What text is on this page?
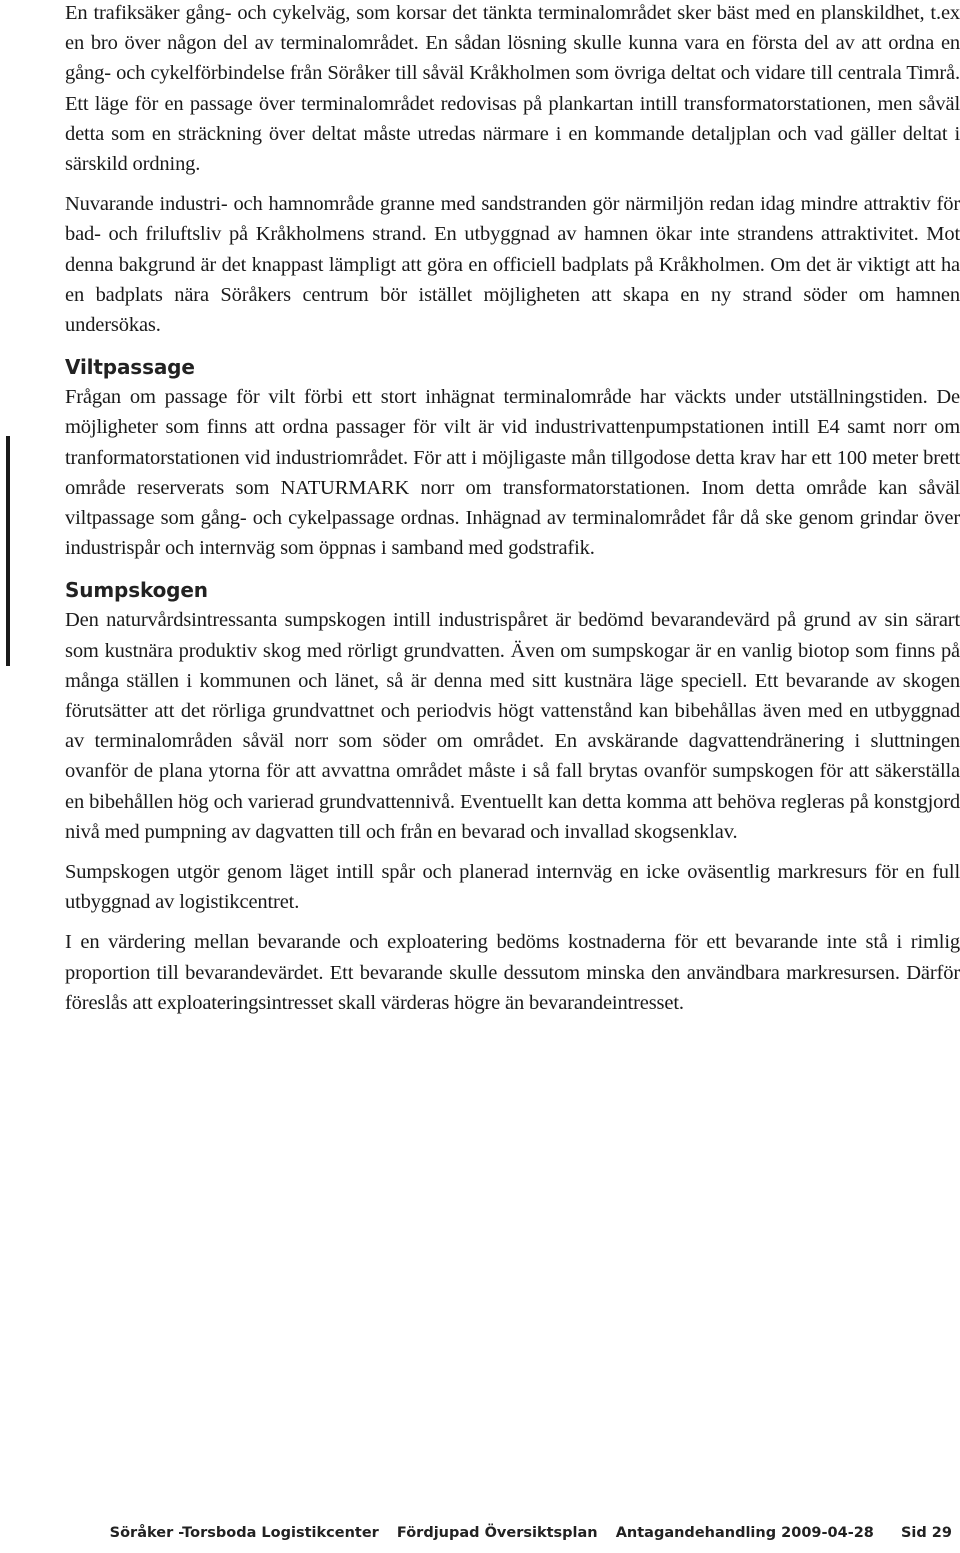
En trafiksäker gång- och cykelväg, som korsar det tänkta terminalområdet sker bäst med en planskildhet, t.ex en bro över någon del av terminalområdet. En sådan lösning skulle kunna vara en första del av att ordna en gång- och cykelförbindelse från Söråker till såväl Kråkholmen som övriga deltat och vidare till centrala Timrå. Ett läge för en passage över terminalområdet redovisas på plankartan intill transformatorstationen, men såväl detta som en sträckning över deltat måste utredas närmare i en kommande detaljplan och vad gäller deltat i särskild ordning.

Nuvarande industri- och hamnområde granne med sandstranden gör närmiljön redan idag mindre attraktiv för bad- och friluftsliv på Kråkholmens strand. En utbyggnad av hamnen ökar inte strandens attraktivitet. Mot denna bakgrund är det knappast lämpligt att göra en officiell badplats på Kråkholmen. Om det är viktigt att ha en badplats nära Söråkers centrum bör istället möjligheten att skapa en ny strand söder om hamnen undersökas.

Viltpassage

Frågan om passage för vilt förbi ett stort inhägnat terminalområde har väckts under utställningstiden. De möjligheter som finns att ordna passager för vilt är vid industrivattenpumpstationen intill E4 samt norr om tranformatorstationen vid industriområdet. För att i möjligaste mån tillgodose detta krav har ett 100 meter brett område reserverats som NATURMARK norr om transformatorstationen. Inom detta område kan såväl viltpassage som gång- och cykelpassage ordnas. Inhägnad av terminalområdet får då ske genom grindar över industrispår och internväg som öppnas i samband med godstrafik.

Sumpskogen

Den naturvårdsintressanta sumpskogen intill industrispåret är bedömd bevarandevärd på grund av sin särart som kustnära produktiv skog med rörligt grundvatten. Även om sumpskogar är en vanlig biotop som finns på många ställen i kommunen och länet, så är denna med sitt kustnära läge speciell. Ett bevarande av skogen förutsätter att det rörliga grundvattnet och periodvis högt vattenstånd kan bibehållas även med en utbyggnad av terminalområden såväl norr som söder om området. En avskärande dagvattendränering i sluttningen ovanför de plana ytorna för att avvattna området måste i så fall brytas ovanför sumpskogen för att säkerställa en bibehållen hög och varierad grundvattennivå. Eventuellt kan detta komma att behöva regleras på konstgjord nivå med pumpning av dagvatten till och från en bevarad och invallad skogsenklav.

Sumpskogen utgör genom läget intill spår och planerad internväg en icke oväsentlig markresurs för en full utbyggnad av logistikcentret.

I en värdering mellan bevarande och exploatering bedöms kostnaderna för ett bevarande inte stå i rimlig proportion till bevarandevärdet. Ett bevarande skulle dessutom minska den användbara markresursen. Därför föreslås att exploateringsintresset skall värderas högre än bevarandeintresset.

Söråker -Torsboda Logistikcenter Fördjupad Översiktsplan Antagandehandling 2009-04-28 Sid 29
